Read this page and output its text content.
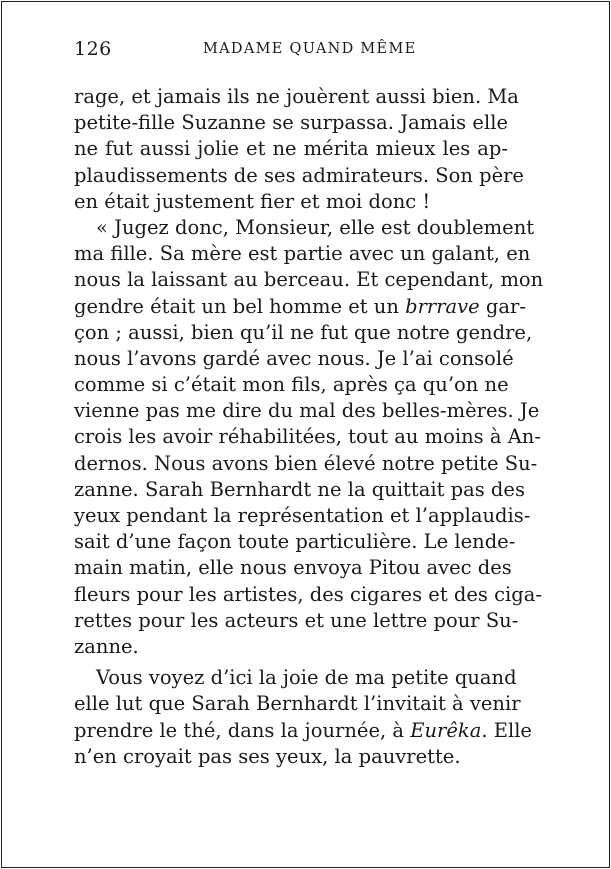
126	MADAME QUAND MÊME
rage, et jamais ils ne jouèrent aussi bien. Ma
petite-fille Suzanne se surpassa. Jamais elle
ne fut aussi jolie et ne mérita mieux les ap-
plaudissements de ses admirateurs. Son père
en était justement fier et moi donc !
« Jugez donc, Monsieur, elle est doublement
ma fille. Sa mère est partie avec un galant, en
nous la laissant au berceau. Et cependant, mon
gendre était un bel homme et un brrrave gar-
çon ; aussi, bien qu’il ne fut que notre gendre,
nous l’avons gardé avec nous. Je l’ai consolé
comme si c’était mon fils, après ça qu’on ne
vienne pas me dire du mal des belles-mères. Je
crois les avoir réhabilitées, tout au moins à An-
dernos. Nous avons bien élevé notre petite Su-
zanne. Sarah Bernhardt ne la quittait pas des
yeux pendant la représentation et l’applaudis-
sait d’une façon toute particulière. Le lende-
main matin, elle nous envoya Pitou avec des
fleurs pour les artistes, des cigares et des ciga-
rettes pour les acteurs et une lettre pour Su-
zanne.
Vous voyez d’ici la joie de ma petite quand
elle lut que Sarah Bernhardt l’invitait à venir
prendre le thé, dans la journée, à Eurêka. Elle
n’en croyait pas ses yeux, la pauvrette.
